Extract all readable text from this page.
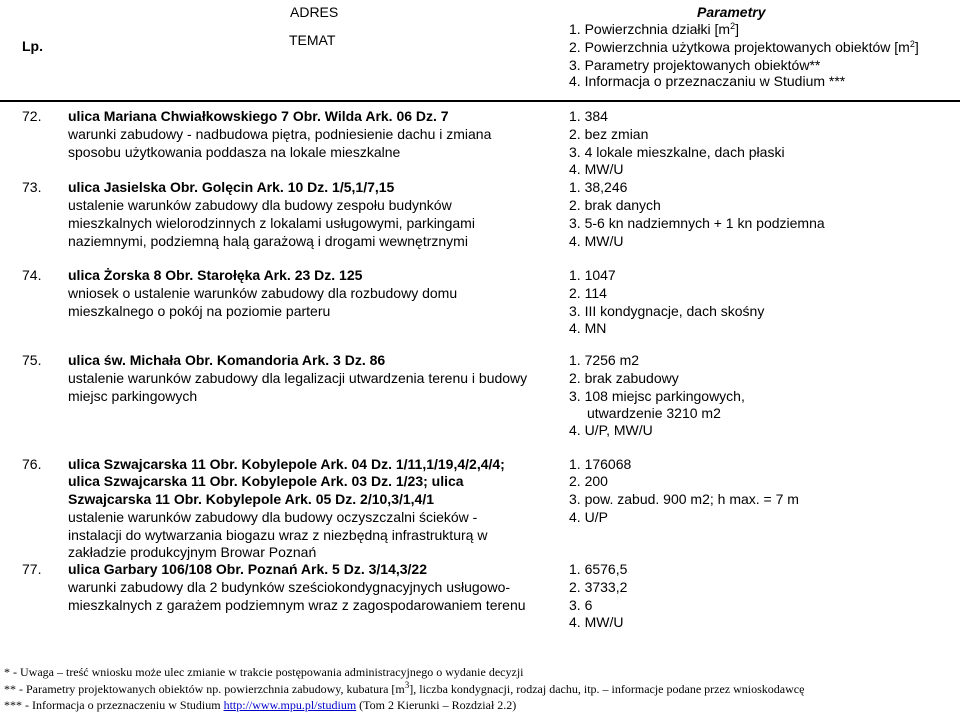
Lp.
ADRES
TEMAT
Parametry
1. Powierzchnia działki $[m^2]$
2. Powierzchnia użytkowa projektowanych obiektów $[m^2]$
3. Parametry projektowanych obiektów**
4. Informacja o przeznaczaniu w Studium ***
72. ulica Mariana Chwiałkowskiego 7 Obr. Wilda Ark. 06 Dz. 7
warunki zabudowy - nadbudowa piętra, podniesienie dachu i zmiana
sposobu użytkowania poddasza na lokale mieszkalne
1. 384
2. bez zmian
3. 4 lokale mieszkalne, dach płaski
4. MW/U
73. ulica Jasielska Obr. Golęcin Ark. 10 Dz. 1/5,1/7,15
ustalenie warunków zabudowy dla budowy zespołu budynków
mieszkalnych wielorodzinnych z lokalami usługowymi, parkingami
naziemnymi, podziemną halą garażową i drogami wewnętrznymi
1. 38,246
2. brak danych
3. 5-6 kn nadziemnych + 1 kn podziemna
4. MW/U
74. ulica Żorska 8 Obr. Starołęka Ark. 23 Dz. 125
wniosek o ustalenie warunków zabudowy dla rozbudowy domu
mieszkalnego o pokój na poziomie parteru
1. 1047
2. 114
3. III kondygnacje, dach skośny
4. MN
75. ulica św. Michała Obr. Komandoria Ark. 3 Dz. 86
ustalenie warunków zabudowy dla legalizacji utwardzenia terenu i budowy
miejsc parkingowych
1. 7256 m2
2. brak zabudowy
3. 108 miejsc parkingowych,
utwardzenie 3210 m2
4. U/P, MW/U
76. ulica Szwajcarska 11 Obr. Kobylepole Ark. 04 Dz. 1/11,1/19,4/2,4/4;
ulica Szwajcarska 11 Obr. Kobylepole Ark. 03 Dz. 1/23; ulica
Szwajcarska 11 Obr. Kobylepole Ark. 05 Dz. 2/10,3/1,4/1
ustalenie warunków zabudowy dla budowy oczyszczalni ścieków -
instalacji do wytwarzania biogazu wraz z niezbędną infrastrukturą w
zakładzie produkcyjnym Browar Poznań
1. 176068
2. 200
3. pow. zabud. 900 m2; h max. = 7 m
4. U/P
77. ulica Garbary 106/108 Obr. Poznań Ark. 5 Dz. 3/14,3/22
warunki zabudowy dla 2 budynków sześciokondygnacyjnych usługowo-
mieszkalnych z garażem podziemnym wraz z zagospodarowaniem terenu
1. 6576,5
2. 3733,2
3. 6
4. MW/U
* - Uwaga – treść wniosku może ulec zmianie w trakcie postępowania administracyjnego o wydanie decyzji
** - Parametry projektowanych obiektów np. powierzchnia zabudowy, kubatura $[m^3]$, liczba kondygnacji, rodzaj dachu, itp. – informacje podane przez wnioskodawcę
*** - Informacja o przeznaczeniu w Studium http://www.mpu.pl/studium (Tom 2 Kierunki – Rozdział 2.2)
